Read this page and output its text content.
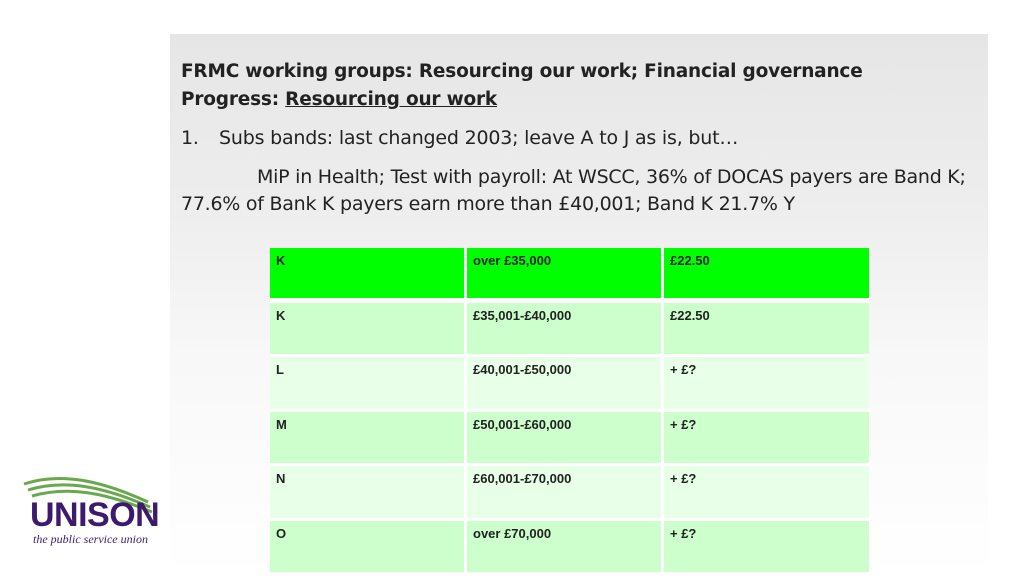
FRMC working groups: Resourcing our work; Financial governance

Progress: Resourcing our work

1. Subs bands: last changed 2003; leave A to J as is, but…
MiP in Health; Test with payroll: At WSCC, 36% of DOCAS payers are Band K; 77.6% of Bank K payers earn more than £40,001; Band K 21.7% Y
K	over £35,000	£22.50
K	£35,001-£40,000	£22.50
L	£40,001-£50,000	+ £?
M	£50,001-£60,000	+ £?
N	£60,001-£70,000	+ £?
O	over £70,000	+ £?
UNISON
the public service union
